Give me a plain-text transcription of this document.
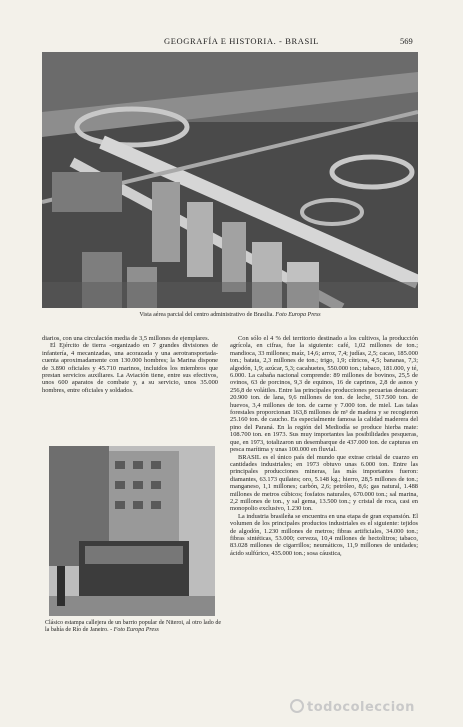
GEOGRAFÍA E HISTORIA. - BRASIL	569
Vista aérea parcial del centro administrativo de Brasilia. Foto Europa Press

diarios, con una circulación media de 3,5 millones de ejemplares.

El Ejército de tierra -organizado en 7 grandes divisiones de infantería, 4 mecanizadas, una acorazada y una aerotransportada- cuenta aproximadamente con 130.000 hombres; la Marina dispone de 3.890 oficiales y 45.710 marinos, incluidos los miembros que prestan servicios auxiliares. La Aviación tiene, entre sus efectivos, unos 600 aparatos de combate y, a su servicio, unos 35.000 hombres, entre oficiales y soldados.

Clásico estampa callejera de un barrio popular de Niteroi, al otro lado de la bahía de Río de Janeiro. - Foto Europa Press

Con sólo el 4 % del territorio destinado a los cultivos, la producción agrícola, en cifras, fue la siguiente: café, 1,02 millones de ton.; mandioca, 33 millones; maíz, 14,6; arroz, 7,4; judías, 2,5; cacao, 185.000 ton.; batata, 2,3 millones de ton.; trigo, 1,9; cítricos, 4,5; bananas, 7,3; algodón, 1,9; azúcar, 5,3; cacahuetes, 550.000 ton.; tabaco, 181.000, y té, 6.000. La cabaña nacional comprende: 89 millones de bovinos, 25,5 de ovinos, 63 de porcinos, 9,3 de equinos, 16 de caprinos, 2,8 de asnos y 256,8 de volátiles. Entre las principales producciones pecuarias destacan: 20.900 ton. de lana, 9,6 millones de ton. de leche, 517.500 ton. de huevos, 3,4 millones de ton. de carne y 7.000 ton. de miel. Las talas forestales proporcionan 163,8 millones de m³ de madera y se recogieron 25.160 ton. de caucho. Es especialmente famosa la calidad maderera del pino del Paraná. En la región del Mediodía se produce hierba mate: 108.700 ton. en 1973. Sus muy importantes las posibilidades pesqueras, que, en 1973, totalizaron un desembarque de 437.000 ton. de capturas en pesca marítima y unas 100.000 en fluvial.

BRASIL es el único país del mundo que extrae cristal de cuarzo en cantidades industriales; en 1973 obtuvo unas 6.000 ton. Entre las principales producciones mineras, las más importantes fueron: diamantes, 63.173 quilates; oro, 5.148 kg.; hierro, 28,5 millones de ton.; manganeso, 1,1 millones; carbón, 2,6; petróleo, 8,6; gas natural, 1.488 millones de metros cúbicos; fosfatos naturales, 670.000 ton.; sal marina, 2,2 millones de ton., y sal gema, 13.500 ton.; y cristal de roca, casi en monopolio exclusivo, 1.230 ton.

La industria brasileña se encuentra en una etapa de gran expansión. El volumen de los principales productos industriales es el siguiente: tejidos de algodón, 1.230 millones de metros; fibras artificiales, 34.000 ton.; fibras sintéticas, 53.000; cerveza, 10,4 millones de hectolitros; tabaco, 83.028 millones de cigarrillos; neumáticos, 11,9 millones de unidades; ácido sulfúrico, 435.000 ton.; sosa cáustica,

todocoleccion
